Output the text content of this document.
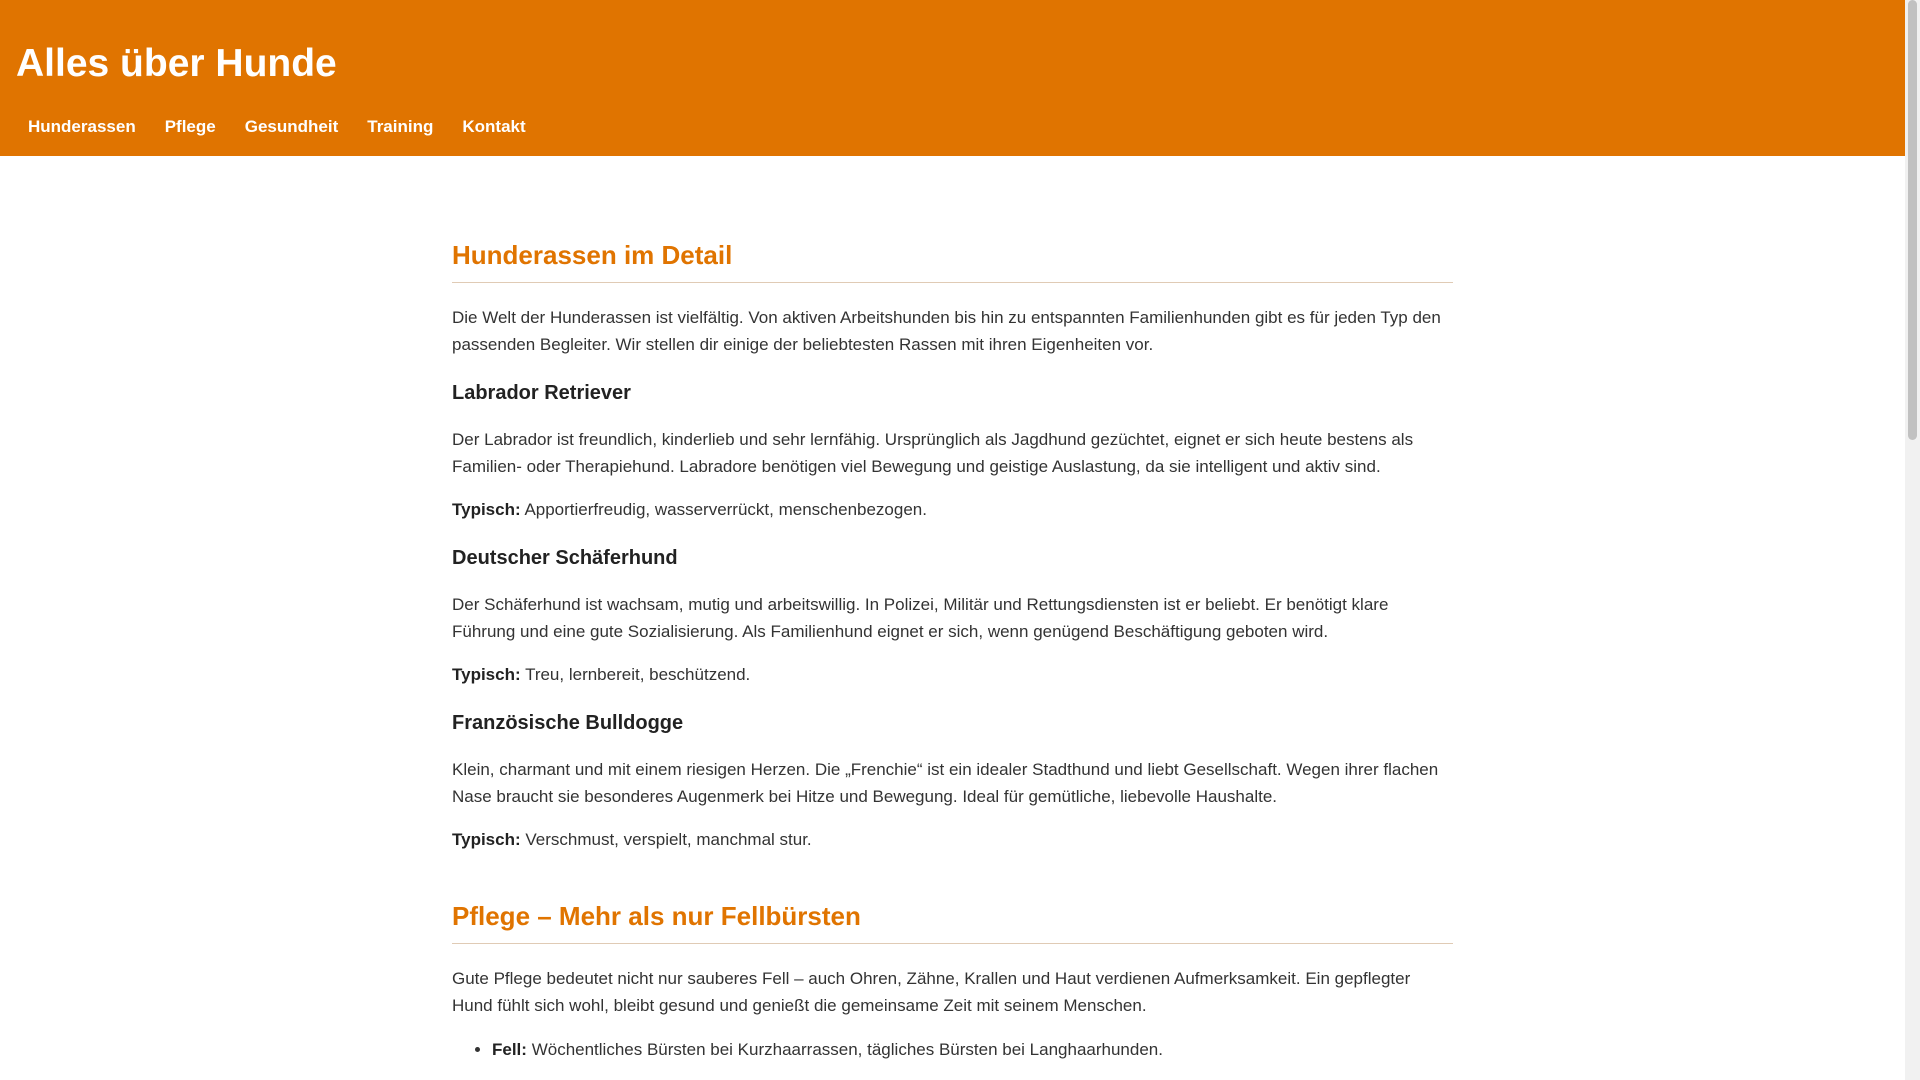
Alles über Hunde
Hunderassen Pflege Gesundheit Training Kontakt
Hunderassen im Detail

Die Welt der Hunderassen ist vielfältig. Von aktiven Arbeitshunden bis hin zu entspannten Familienhunden gibt es für jeden Typ den passenden Begleiter. Wir stellen dir einige der beliebtesten Rassen mit ihren Eigenheiten vor.

Labrador Retriever

Der Labrador ist freundlich, kinderlieb und sehr lernfähig. Ursprünglich als Jagdhund gezüchtet, eignet er sich heute bestens als Familien- oder Therapiehund. Labradore benötigen viel Bewegung und geistige Auslastung, da sie intelligent und aktiv sind.

Typisch: Apportierfreudig, wasserverrückt, menschenbezogen.

Deutscher Schäferhund

Der Schäferhund ist wachsam, mutig und arbeitswillig. In Polizei, Militär und Rettungsdiensten ist er beliebt. Er benötigt klare Führung und eine gute Sozialisierung. Als Familienhund eignet er sich, wenn genügend Beschäftigung geboten wird.

Typisch: Treu, lernbereit, beschützend.

Französische Bulldogge

Klein, charmant und mit einem riesigen Herzen. Die „Frenchie“ ist ein idealer Stadthund und liebt Gesellschaft. Wegen ihrer flachen Nase braucht sie besonderes Augenmerk bei Hitze und Bewegung. Ideal für gemütliche, liebevolle Haushalte.

Typisch: Verschmust, verspielt, manchmal stur.

Pflege – Mehr als nur Fellbürsten

Gute Pflege bedeutet nicht nur sauberes Fell – auch Ohren, Zähne, Krallen und Haut verdienen Aufmerksamkeit. Ein gepflegter Hund fühlt sich wohl, bleibt gesund und genießt die gemeinsame Zeit mit seinem Menschen.

• Fell: Wöchentliches Bürsten bei Kurzhaarrassen, tägliches Bürsten bei Langhaarhunden.
